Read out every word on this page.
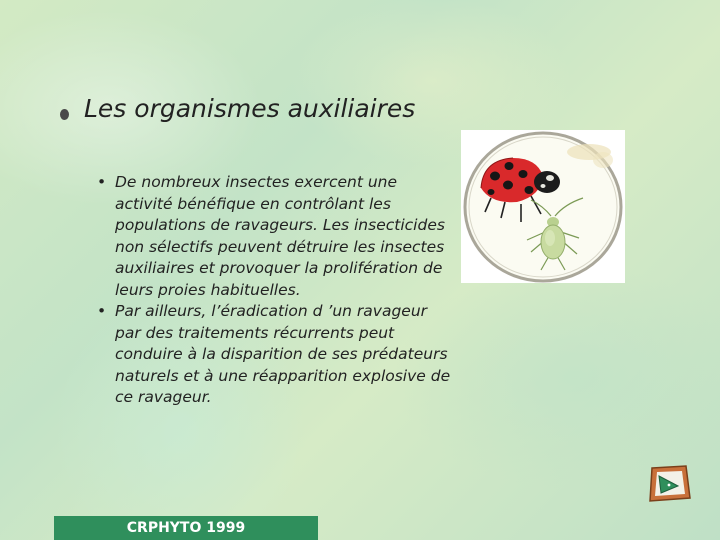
Les organismes auxiliaires
• De nombreux insectes exercent une activité bénéfique en contrôlant les populations de ravageurs. Les insecticides non sélectifs peuvent détruire les insectes auxiliaires et provoquer la prolifération de leurs proies habituelles.
• Par ailleurs, l’éradication d ’un ravageur par des traitements récurrents peut conduire à la disparition de ses prédateurs naturels et à une réapparition explosive de ce ravageur.
CRPHYTO 1999
